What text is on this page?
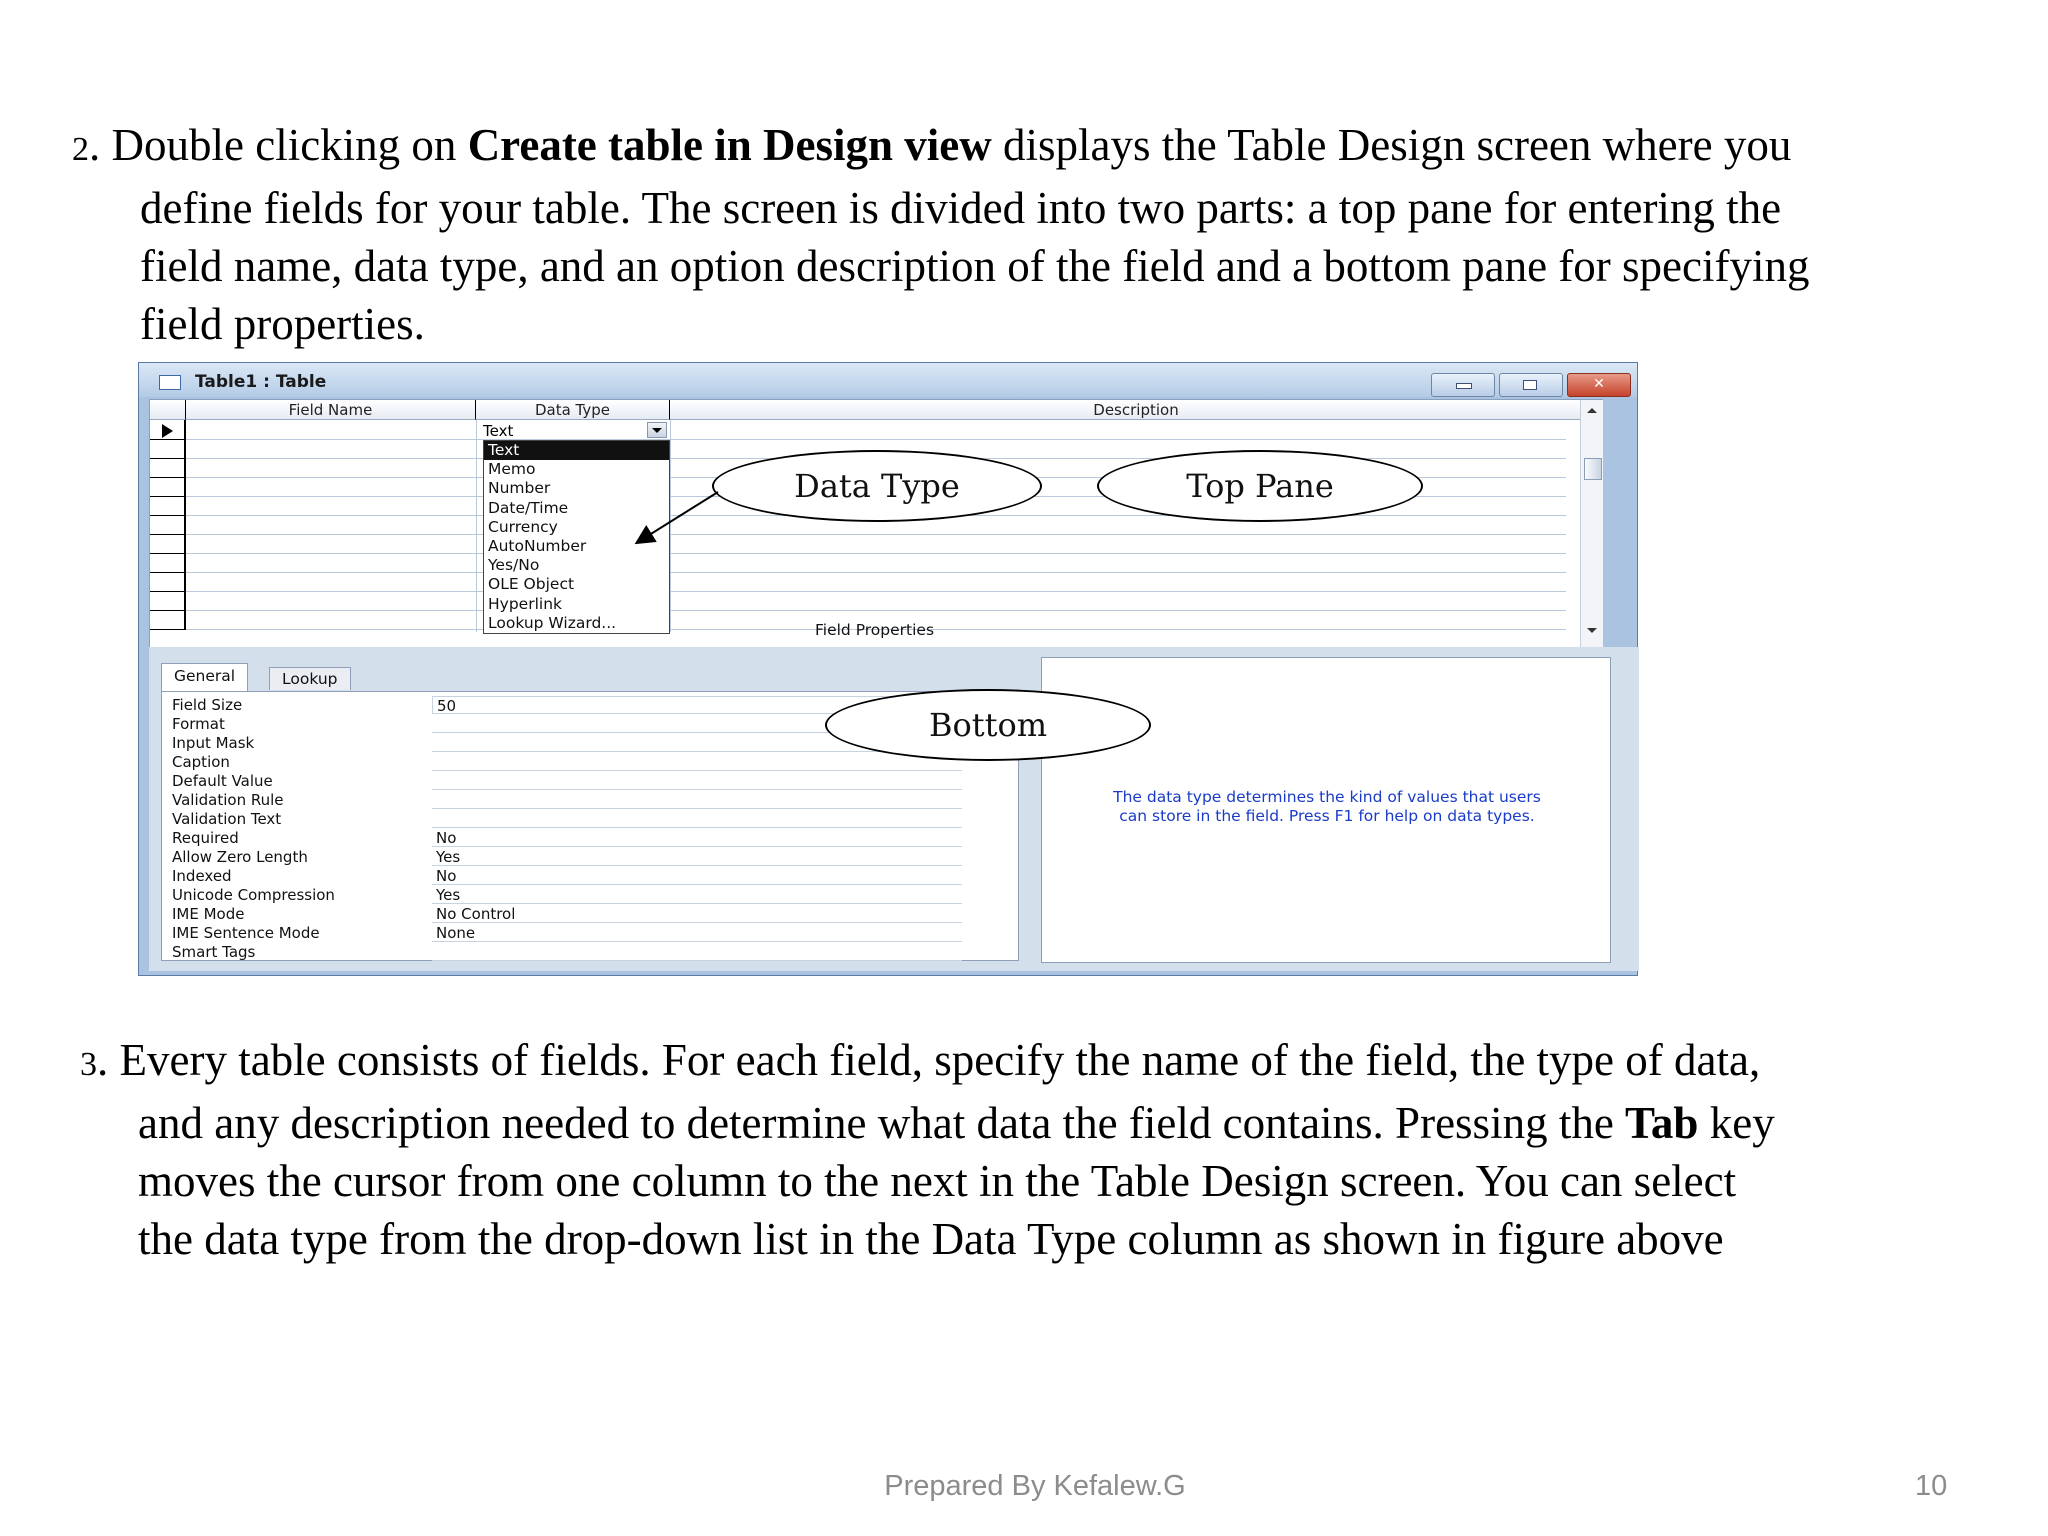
2. Double clicking on Create table in Design view displays the Table Design screen where you
define fields for your table. The screen is divided into two parts: a top pane for entering the
field name, data type, and an option description of the field and a bottom pane for specifying
field properties.
Table1 : Table	✕
Field Name	Data Type	Description
Text
Text
Memo
Number
Date/Time
Currency
AutoNumber
Yes/No
OLE Object
Hyperlink
Lookup Wizard...	Field Properties
General	Lookup
Field Size	50
Format
Input Mask
Caption
Default Value
Validation Rule
Validation Text
Required	No
Allow Zero Length	Yes
Indexed	No
Unicode Compression	Yes
IME Mode	No Control
IME Sentence Mode	None
Smart Tags
The data type determines the kind of values that users
can store in the field. Press F1 for help on data types.
Data Type	Top Pane
Bottom
3. Every table consists of fields. For each field, specify the name of the field, the type of data,
and any description needed to determine what data the field contains. Pressing the Tab key
moves the cursor from one column to the next in the Table Design screen. You can select
the data type from the drop-down list in the Data Type column as shown in figure above
Prepared By Kefalew.G	10
